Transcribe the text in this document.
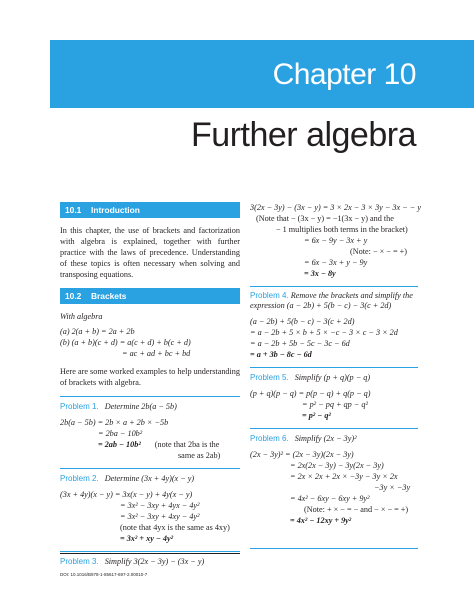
Chapter 10
Further algebra
10.1 Introduction

In this chapter, the use of brackets and factorization with algebra is explained, together with further practice with the laws of precedence. Understanding of these topics is often necessary when solving and transposing equations.

10.2 Brackets
With algebra
(a) 2(a + b) = 2a + 2b
(b) (a + b)(c + d) = a(c + d) + b(c + d)
= ac + ad + bc + bd

Here are some worked examples to help understanding of brackets with algebra.

Problem 1. Determine 2b(a − 5b)
2b(a − 5b) = 2b × a + 2b × −5b
= 2ba − 10b²
= 2ab − 10b² (note that 2ba is the
same as 2ab)
Problem 2. Determine (3x + 4y)(x − y)
(3x + 4y)(x − y) = 3x(x − y) + 4y(x − y)
= 3x² − 3xy + 4yx − 4y²
= 3x² − 3xy + 4xy − 4y²
(note that 4yx is the same as 4xy)
= 3x² + xy − 4y²
Problem 3. Simplify 3(2x − 3y) − (3x − y)
3(2x − 3y) − (3x − y) = 3 × 2x − 3 × 3y − 3x − − y
(Note that − (3x − y) = −1(3x − y) and the
− 1 multiplies both terms in the bracket)
= 6x − 9y − 3x + y
(Note: − × − = +)
= 6x − 3x + y − 9y
= 3x − 8y
Problem 4. Remove the brackets and simplify the expression (a − 2b) + 5(b − c) − 3(c + 2d)
(a − 2b) + 5(b − c) − 3(c + 2d)
= a − 2b + 5 × b + 5 × −c − 3 × c − 3 × 2d
= a − 2b + 5b − 5c − 3c − 6d
= a + 3b − 8c − 6d
Problem 5. Simplify (p + q)(p − q)
(p + q)(p − q) = p(p − q) + q(p − q)
= p² − pq + qp − q²
= p² − q²
Problem 6. Simplify (2x − 3y)²
(2x − 3y)² = (2x − 3y)(2x − 3y)
= 2x(2x − 3y) − 3y(2x − 3y)
= 2x × 2x + 2x × −3y − 3y × 2x
−3y × −3y
= 4x² − 6xy − 6xy + 9y²
(Note: + × − = − and − × − = +)
= 4x² − 12xy + 9y²
DOI: 10.1016/B978-1-85617-697-2.00010-7
